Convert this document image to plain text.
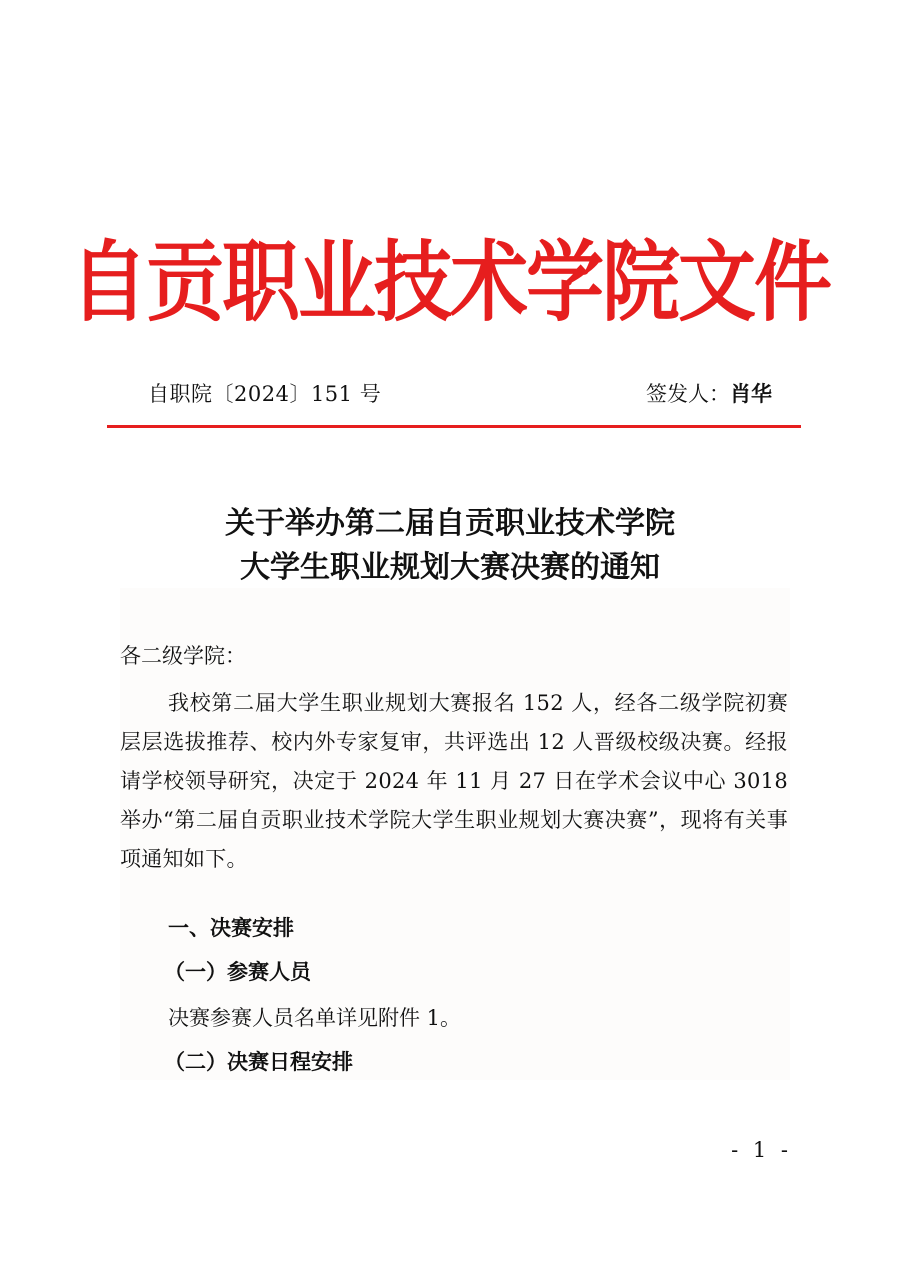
自贡职业技术学院文件
自职院〔2024〕151 号	签发人：肖华
关于举办第二届自贡职业技术学院
大学生职业规划大赛决赛的通知
各二级学院：
我校第二届大学生职业规划大赛报名 152 人，经各二级学院初赛层层选拔推荐、校内外专家复审，共评选出 12 人晋级校级决赛。经报请学校领导研究，决定于 2024 年 11 月 27 日在学术会议中心 3018 举办“第二届自贡职业技术学院大学生职业规划大赛决赛”，现将有关事项通知如下。
一、决赛安排
（一）参赛人员
决赛参赛人员名单详见附件 1。
（二）决赛日程安排
- 1 -
